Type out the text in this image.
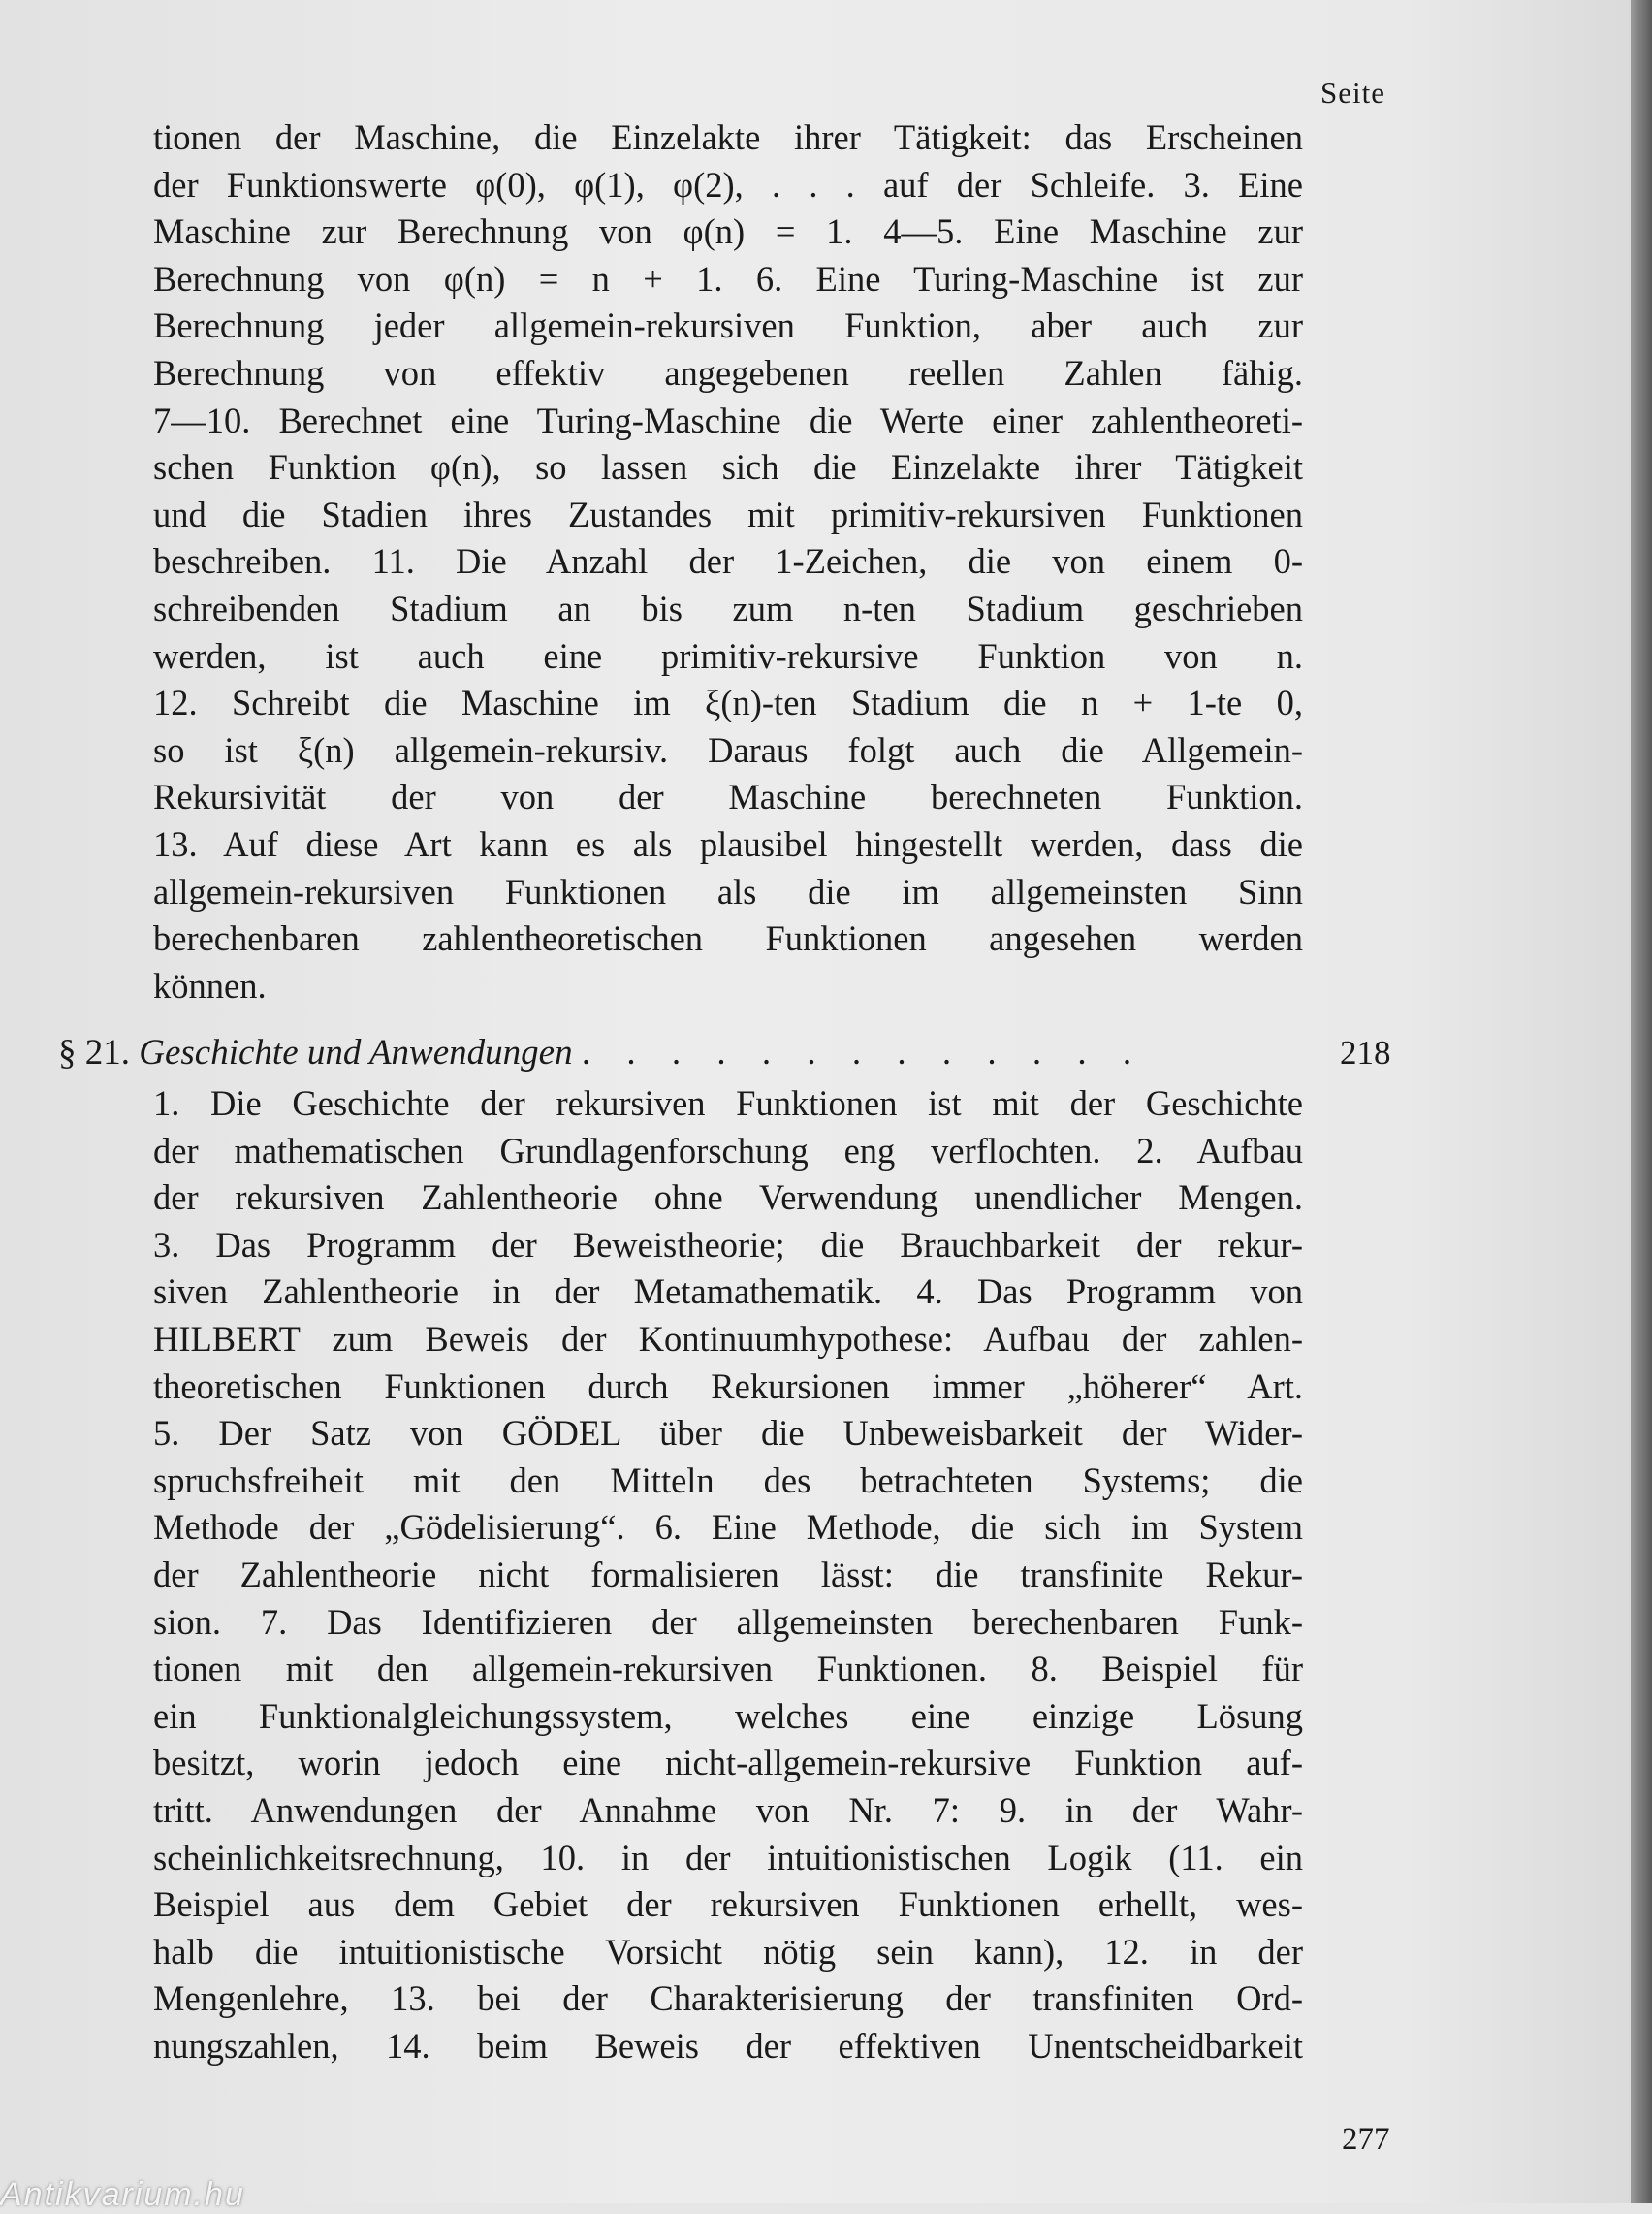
Seite
tionen der Maschine, die Einzelakte ihrer Tätigkeit: das Erscheinen
der Funktionswerte φ(0), φ(1), φ(2), . . . auf der Schleife. 3. Eine
Maschine zur Berechnung von φ(n) = 1. 4—5. Eine Maschine zur
Berechnung von φ(n) = n + 1. 6. Eine Turing-Maschine ist zur
Berechnung jeder allgemein-rekursiven Funktion, aber auch zur
Berechnung von effektiv angegebenen reellen Zahlen fähig.
7—10. Berechnet eine Turing-Maschine die Werte einer zahlentheoreti-
schen Funktion φ(n), so lassen sich die Einzelakte ihrer Tätigkeit
und die Stadien ihres Zustandes mit primitiv-rekursiven Funktionen
beschreiben. 11. Die Anzahl der 1-Zeichen, die von einem 0-
schreibenden Stadium an bis zum n-ten Stadium geschrieben
werden, ist auch eine primitiv-rekursive Funktion von n.
12. Schreibt die Maschine im ξ(n)-ten Stadium die n + 1-te 0,
so ist ξ(n) allgemein-rekursiv. Daraus folgt auch die Allgemein-
Rekursivität der von der Maschine berechneten Funktion.
13. Auf diese Art kann es als plausibel hingestellt werden, dass die
allgemein-rekursiven Funktionen als die im allgemeinsten Sinn
berechenbaren zahlentheoretischen Funktionen angesehen werden
können.
§ 21. Geschichte und Anwendungen . . . . . . . . . . . . .	218
1. Die Geschichte der rekursiven Funktionen ist mit der Geschichte
der mathematischen Grundlagenforschung eng verflochten. 2. Aufbau
der rekursiven Zahlentheorie ohne Verwendung unendlicher Mengen.
3. Das Programm der Beweistheorie; die Brauchbarkeit der rekur-
siven Zahlentheorie in der Metamathematik. 4. Das Programm von
HILBERT zum Beweis der Kontinuumhypothese: Aufbau der zahlen-
theoretischen Funktionen durch Rekursionen immer „höherer“ Art.
5. Der Satz von GÖDEL über die Unbeweisbarkeit der Wider-
spruchsfreiheit mit den Mitteln des betrachteten Systems; die
Methode der „Gödelisierung“. 6. Eine Methode, die sich im System
der Zahlentheorie nicht formalisieren lässt: die transfinite Rekur-
sion. 7. Das Identifizieren der allgemeinsten berechenbaren Funk-
tionen mit den allgemein-rekursiven Funktionen. 8. Beispiel für
ein Funktionalgleichungssystem, welches eine einzige Lösung
besitzt, worin jedoch eine nicht-allgemein-rekursive Funktion auf-
tritt. Anwendungen der Annahme von Nr. 7: 9. in der Wahr-
scheinlichkeitsrechnung, 10. in der intuitionistischen Logik (11. ein
Beispiel aus dem Gebiet der rekursiven Funktionen erhellt, wes-
halb die intuitionistische Vorsicht nötig sein kann), 12. in der
Mengenlehre, 13. bei der Charakterisierung der transfiniten Ord-
nungszahlen, 14. beim Beweis der effektiven Unentscheidbarkeit
277
Antikvarium.hu
